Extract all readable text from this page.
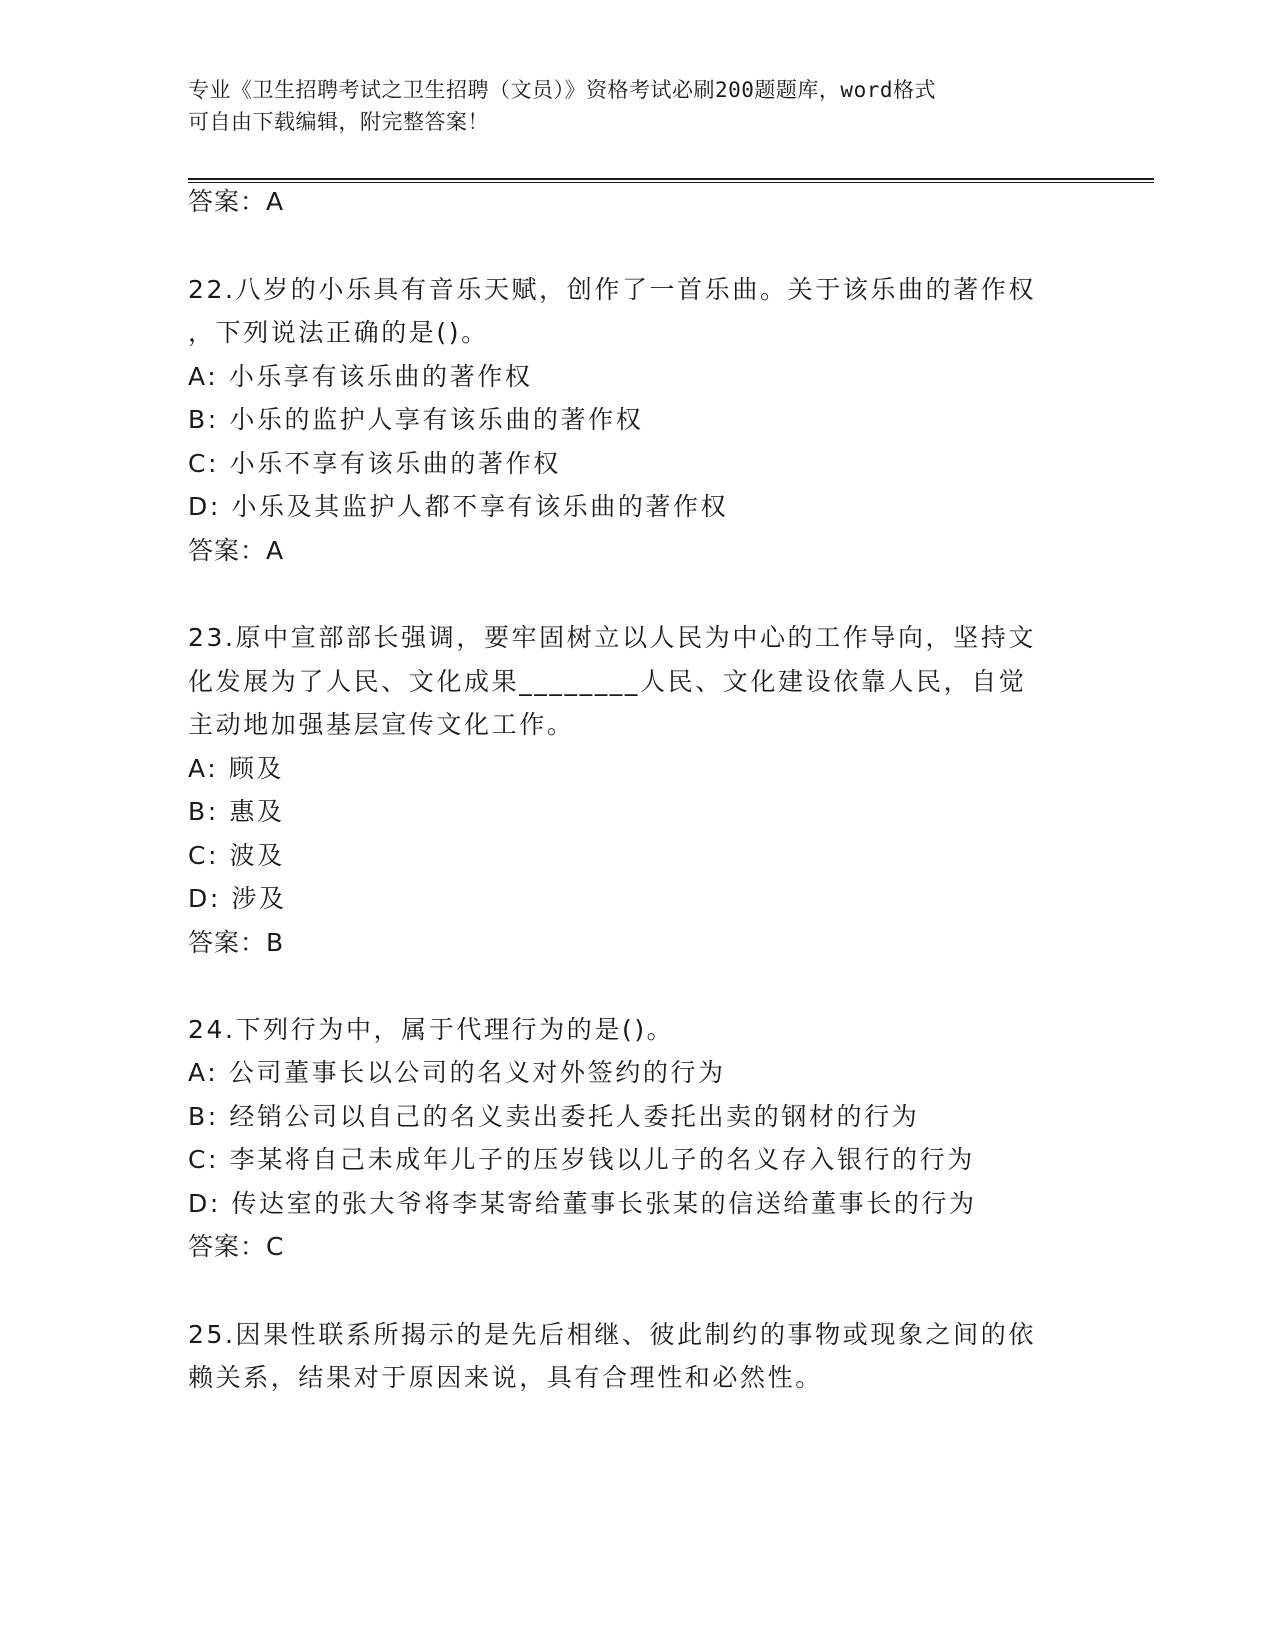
专业《卫生招聘考试之卫生招聘（文员）》资格考试必刷200题题库，word格式
可自由下载编辑，附完整答案！
答案：A
22.八岁的小乐具有音乐天赋，创作了一首乐曲。关于该乐曲的著作权
，下列说法正确的是()。
A: 小乐享有该乐曲的著作权
B: 小乐的监护人享有该乐曲的著作权
C: 小乐不享有该乐曲的著作权
D: 小乐及其监护人都不享有该乐曲的著作权
答案：A
23.原中宣部部长强调，要牢固树立以人民为中心的工作导向，坚持文
化发展为了人民、文化成果________人民、文化建设依靠人民，自觉
主动地加强基层宣传文化工作。
A: 顾及
B: 惠及
C: 波及
D: 涉及
答案：B
24.下列行为中，属于代理行为的是()。
A: 公司董事长以公司的名义对外签约的行为
B: 经销公司以自己的名义卖出委托人委托出卖的钢材的行为
C: 李某将自己未成年儿子的压岁钱以儿子的名义存入银行的行为
D: 传达室的张大爷将李某寄给董事长张某的信送给董事长的行为
答案：C
25.因果性联系所揭示的是先后相继、彼此制约的事物或现象之间的依
赖关系，结果对于原因来说，具有合理性和必然性。
